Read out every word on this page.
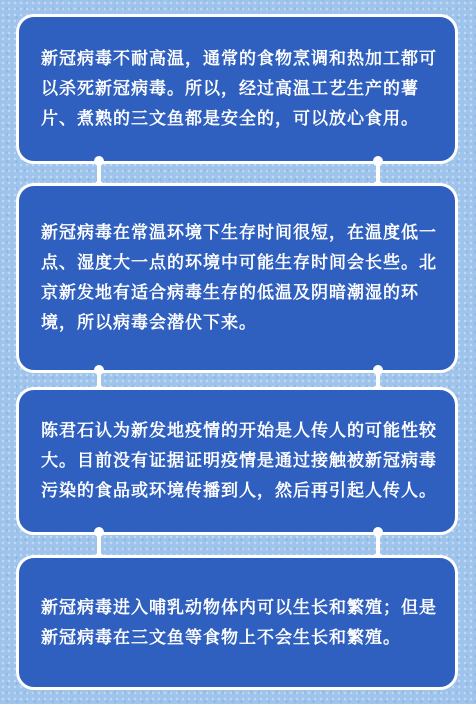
新冠病毒不耐高温，通常的食物烹调和热加工都可以杀死新冠病毒。所以，经过高温工艺生产的薯片、煮熟的三文鱼都是安全的，可以放心食用。

新冠病毒在常温环境下生存时间很短，在温度低一点、湿度大一点的环境中可能生存时间会长些。北京新发地有适合病毒生存的低温及阴暗潮湿的环境，所以病毒会潜伏下来。

陈君石认为新发地疫情的开始是人传人的可能性较大。目前没有证据证明疫情是通过接触被新冠病毒污染的食品或环境传播到人，然后再引起人传人。

新冠病毒进入哺乳动物体内可以生长和繁殖；但是新冠病毒在三文鱼等食物上不会生长和繁殖。
